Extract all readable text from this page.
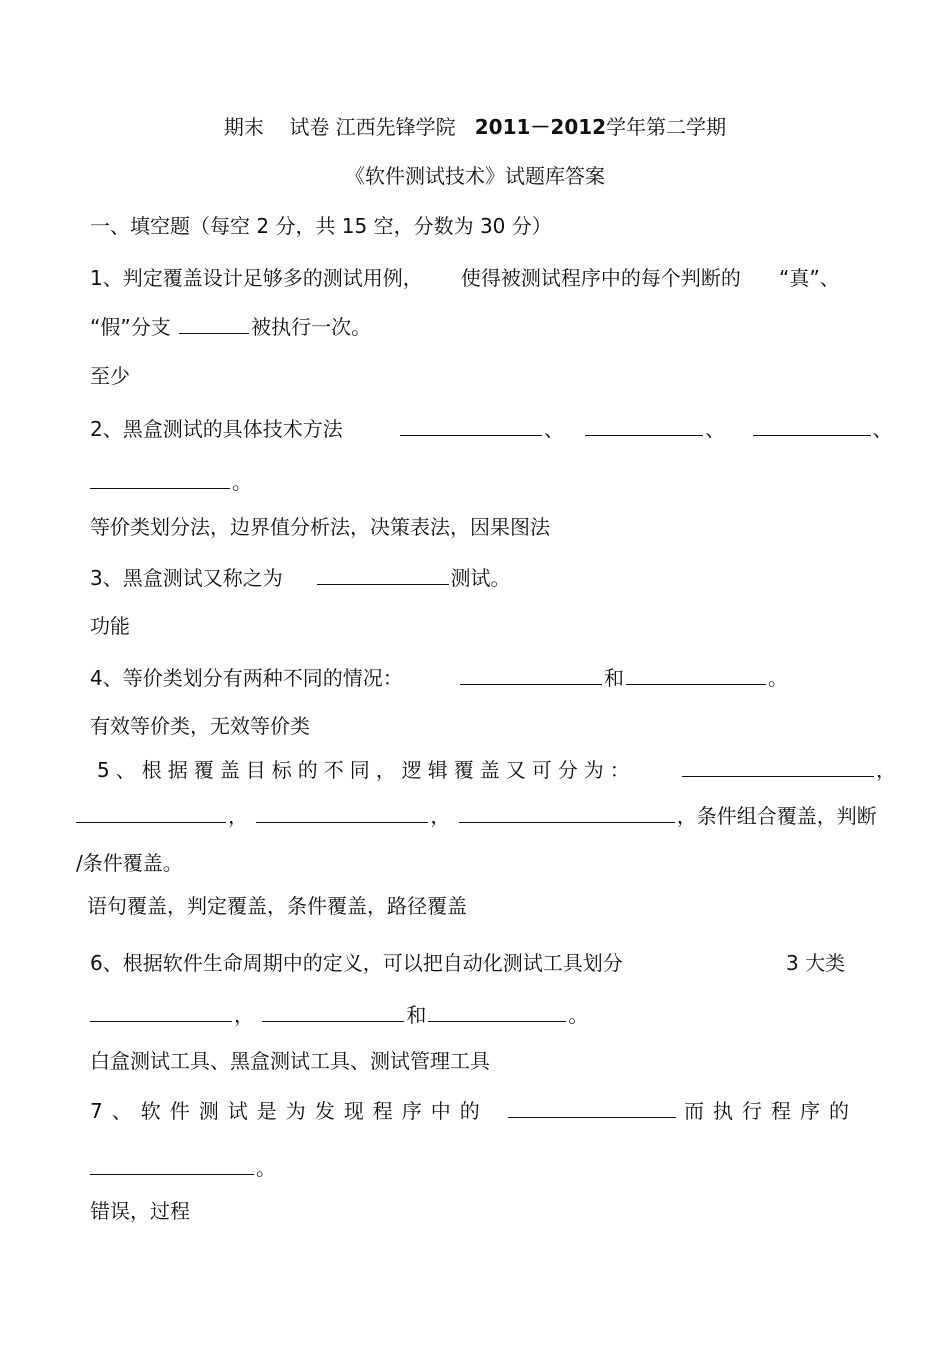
期末 试卷 江西先锋学院 2011－2012学年第二学期
《软件测试技术》试题库答案
一、填空题（每空 2 分，共 15 空，分数为 30 分）
1、判定覆盖设计足够多的测试用例， 使得被测试程序中的每个判断的 “真”、
“假”分支	被执行一次。
至少
2、黑盒测试的具体技术方法	、	、	、
。
等价类划分法，边界值分析法，决策表法，因果图法
3、黑盒测试又称之为	测试。
功能
4、等价类划分有两种不同的情况：	和	。
有效等价类，无效等价类
5、根据覆盖目标的不同，逻辑覆盖又可分为：	，
，	，	，条件组合覆盖，判断
/条件覆盖。
语句覆盖，判定覆盖，条件覆盖，路径覆盖
6、根据软件生命周期中的定义，可以把自动化测试工具划分	3 大类
，	和	。
白盒测试工具、黑盒测试工具、测试管理工具
7、软件测试是为发现程序中的	而执行程序的
。
错误，过程
